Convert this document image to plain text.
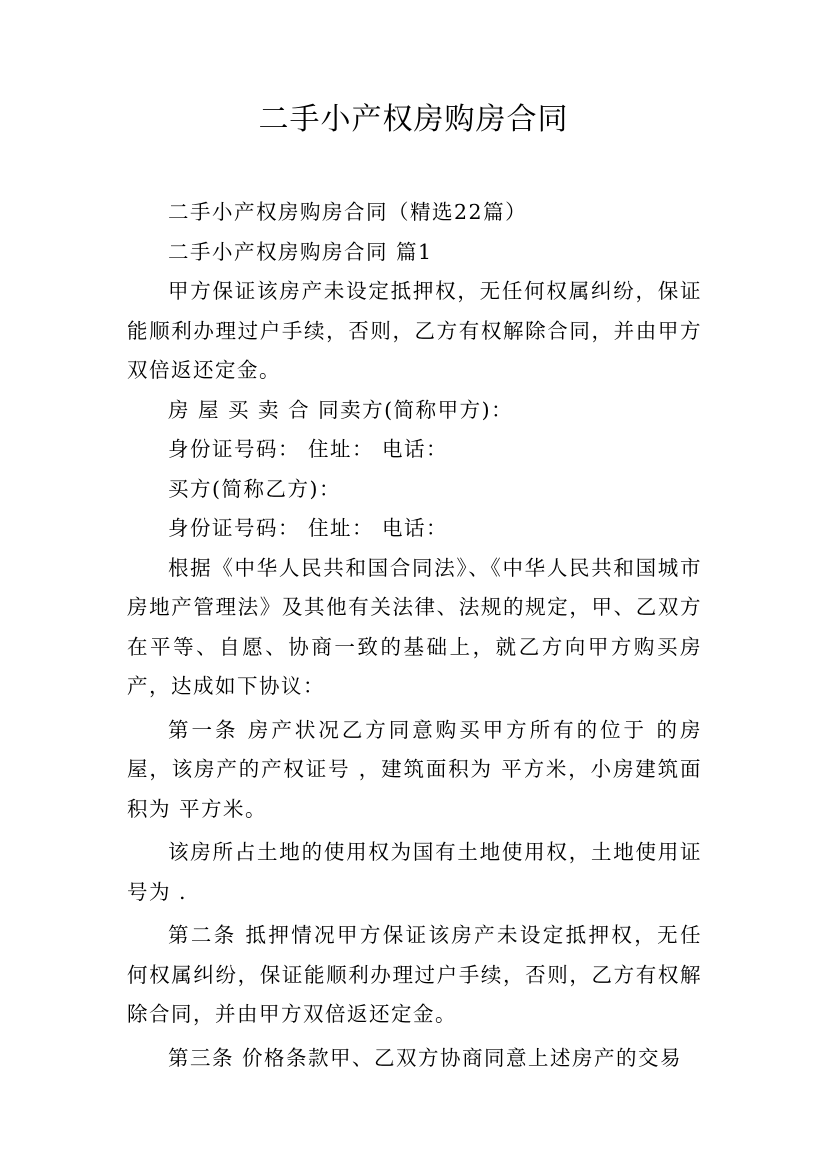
二手小产权房购房合同

二手小产权房购房合同（精选22篇）

二手小产权房购房合同 篇1

甲方保证该房产未设定抵押权，无任何权属纠纷，保证能顺利办理过户手续，否则，乙方有权解除合同，并由甲方双倍返还定金。

房 屋 买 卖 合 同卖方(简称甲方)：

身份证号码： 住址： 电话：

买方(简称乙方)：

身份证号码： 住址： 电话：

根据《中华人民共和国合同法》、《中华人民共和国城市房地产管理法》及其他有关法律、法规的规定，甲、乙双方在平等、自愿、协商一致的基础上，就乙方向甲方购买房产，达成如下协议：

第一条 房产状况乙方同意购买甲方所有的位于 的房屋，该房产的产权证号 ，建筑面积为 平方米，小房建筑面积为 平方米。

该房所占土地的使用权为国有土地使用权，土地使用证号为 .

第二条 抵押情况甲方保证该房产未设定抵押权，无任何权属纠纷，保证能顺利办理过户手续，否则，乙方有权解除合同，并由甲方双倍返还定金。

第三条 价格条款甲、乙双方协商同意上述房产的交易
